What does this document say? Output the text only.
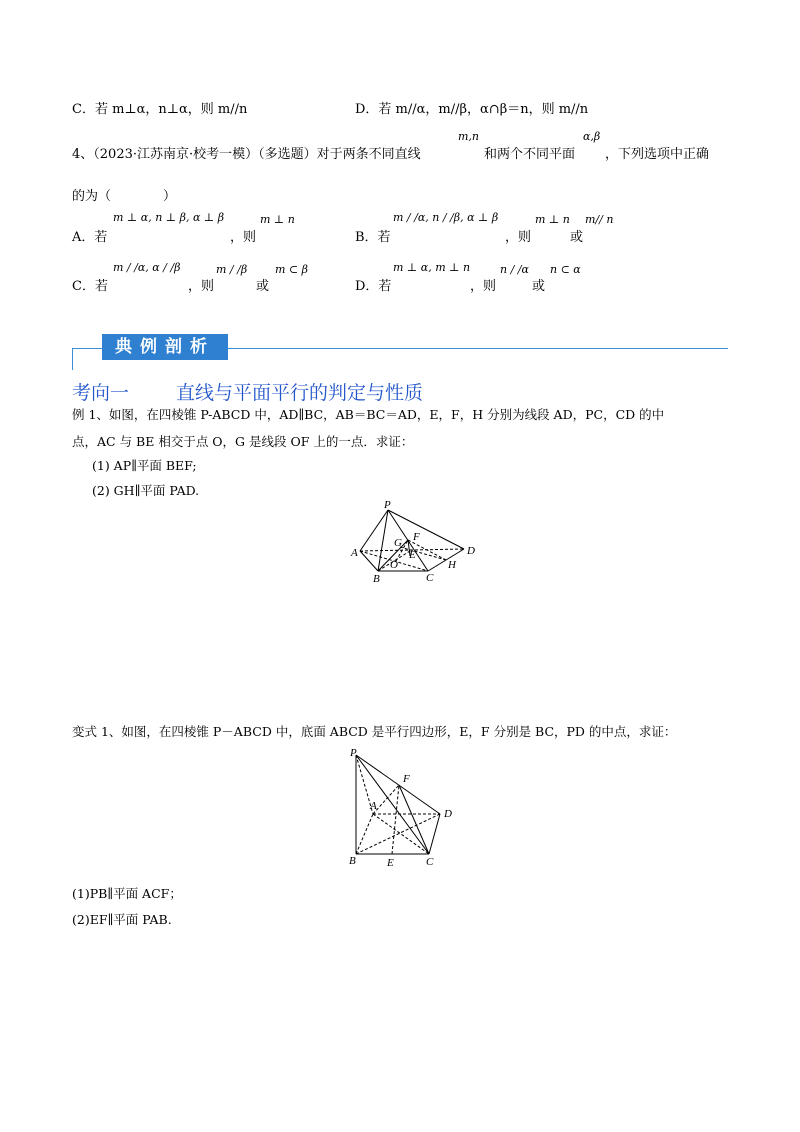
C．若 m⊥α，n⊥α，则 m//n	D．若 m//α，m//β，α∩β＝n，则 m//n
4、（2023·江苏南京·校考一模）（多选题）对于两条不同直线
m,n
和两个不同平面
α,β
，下列选项中正确
的为（　　　　）
A．若
m ⊥ α, n ⊥ β, α ⊥ β
，则
m ⊥ n
B．若
m / /α, n / /β, α ⊥ β
，则
m ⊥ n
或
m// n
C．若
m / /α, α / /β
，则
m / /β
或
m ⊂ β
D．若
m ⊥ α, m ⊥ n
，则
n / /α
或
n ⊂ α
典例剖析
考向一 直线与平面平行的判定与性质
例 1、如图，在四棱锥 P-ABCD 中，AD∥BC，AB＝BC＝AD，E，F，H 分别为线段 AD，PC，CD 的中
点，AC 与 BE 相交于点 O，G 是线段 OF 上的一点．求证：
(1) AP∥平面 BEF;
(2) GH∥平面 PAD.
P
A
B	C
D
E
F
G
O	H
变式 1、如图，在四棱锥 P－ABCD 中，底面 ABCD 是平行四边形，E，F 分别是 BC，PD 的中点，求证：
P
A
B	C
D
E
F
(1)PB∥平面 ACF；
(2)EF∥平面 PAB.
